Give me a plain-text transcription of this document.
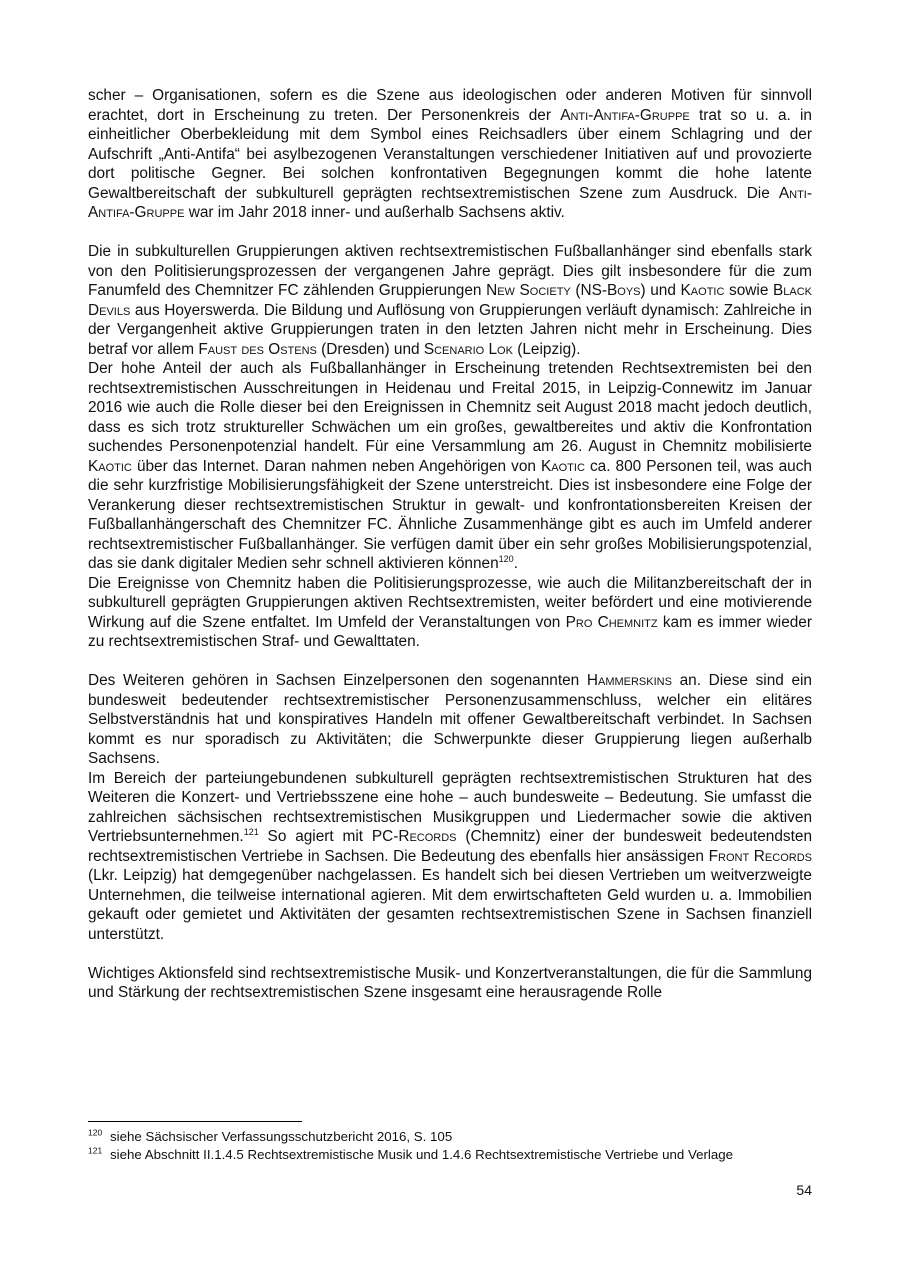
scher – Organisationen, sofern es die Szene aus ideologischen oder anderen Motiven für sinnvoll erachtet, dort in Erscheinung zu treten. Der Personenkreis der Anti-Antifa-Gruppe trat so u. a. in einheitlicher Oberbekleidung mit dem Symbol eines Reichsadlers über einem Schlagring und der Aufschrift „Anti-Antifa“ bei asylbezogenen Veranstaltungen verschiedener Initiativen auf und provozierte dort politische Gegner. Bei solchen konfrontativen Begegnungen kommt die hohe latente Gewaltbereitschaft der subkulturell geprägten rechtsextremistischen Szene zum Ausdruck. Die Anti-Antifa-Gruppe war im Jahr 2018 inner- und außerhalb Sachsens aktiv.

Die in subkulturellen Gruppierungen aktiven rechtsextremistischen Fußballanhänger sind ebenfalls stark von den Politisierungsprozessen der vergangenen Jahre geprägt. Dies gilt insbesondere für die zum Fanumfeld des Chemnitzer FC zählenden Gruppierungen New Society (NS-Boys) und Kaotic sowie Black Devils aus Hoyerswerda. Die Bildung und Auflösung von Gruppierungen verläuft dynamisch: Zahlreiche in der Vergangenheit aktive Gruppierungen traten in den letzten Jahren nicht mehr in Erscheinung. Dies betraf vor allem Faust des Ostens (Dresden) und Scenario Lok (Leipzig).

Der hohe Anteil der auch als Fußballanhänger in Erscheinung tretenden Rechtsextremisten bei den rechtsextremistischen Ausschreitungen in Heidenau und Freital 2015, in Leipzig-Connewitz im Januar 2016 wie auch die Rolle dieser bei den Ereignissen in Chemnitz seit August 2018 macht jedoch deutlich, dass es sich trotz struktureller Schwächen um ein großes, gewaltbereites und aktiv die Konfrontation suchendes Personenpotenzial handelt. Für eine Versammlung am 26. August in Chemnitz mobilisierte Kaotic über das Internet. Daran nahmen neben Angehörigen von Kaotic ca. 800 Personen teil, was auch die sehr kurzfristige Mobilisierungsfähigkeit der Szene unterstreicht. Dies ist insbesondere eine Folge der Verankerung dieser rechtsextremistischen Struktur in gewalt- und konfrontationsbereiten Kreisen der Fußballanhängerschaft des Chemnitzer FC. Ähnliche Zusammenhänge gibt es auch im Umfeld anderer rechtsextremistischer Fußballanhänger. Sie verfügen damit über ein sehr großes Mobilisierungspotenzial, das sie dank digitaler Medien sehr schnell aktivieren können$^{120}$.

Die Ereignisse von Chemnitz haben die Politisierungsprozesse, wie auch die Militanzbereitschaft der in subkulturell geprägten Gruppierungen aktiven Rechtsextremisten, weiter befördert und eine motivierende Wirkung auf die Szene entfaltet. Im Umfeld der Veranstaltungen von Pro Chemnitz kam es immer wieder zu rechtsextremistischen Straf- und Gewalttaten.

Des Weiteren gehören in Sachsen Einzelpersonen den sogenannten Hammerskins an. Diese sind ein bundesweit bedeutender rechtsextremistischer Personenzusammenschluss, welcher ein elitäres Selbstverständnis hat und konspiratives Handeln mit offener Gewaltbereitschaft verbindet. In Sachsen kommt es nur sporadisch zu Aktivitäten; die Schwerpunkte dieser Gruppierung liegen außerhalb Sachsens.

Im Bereich der parteiungebundenen subkulturell geprägten rechtsextremistischen Strukturen hat des Weiteren die Konzert- und Vertriebsszene eine hohe – auch bundesweite – Bedeutung. Sie umfasst die zahlreichen sächsischen rechtsextremistischen Musikgruppen und Liedermacher sowie die aktiven Vertriebsunternehmen.$^{121}$ So agiert mit PC-Records (Chemnitz) einer der bundesweit bedeutendsten rechtsextremistischen Vertriebe in Sachsen. Die Bedeutung des ebenfalls hier ansässigen Front Records (Lkr. Leipzig) hat demgegenüber nachgelassen. Es handelt sich bei diesen Vertrieben um weitverzweigte Unternehmen, die teilweise international agieren. Mit dem erwirtschafteten Geld wurden u. a. Immobilien gekauft oder gemietet und Aktivitäten der gesamten rechtsextremistischen Szene in Sachsen finanziell unterstützt.

Wichtiges Aktionsfeld sind rechtsextremistische Musik- und Konzertveranstaltungen, die für die Sammlung und Stärkung der rechtsextremistischen Szene insgesamt eine herausragende Rolle

$^{120}$ siehe Sächsischer Verfassungsschutzbericht 2016, S. 105
$^{121}$ siehe Abschnitt II.1.4.5 Rechtsextremistische Musik und 1.4.6 Rechtsextremistische Vertriebe und Verlage
54
